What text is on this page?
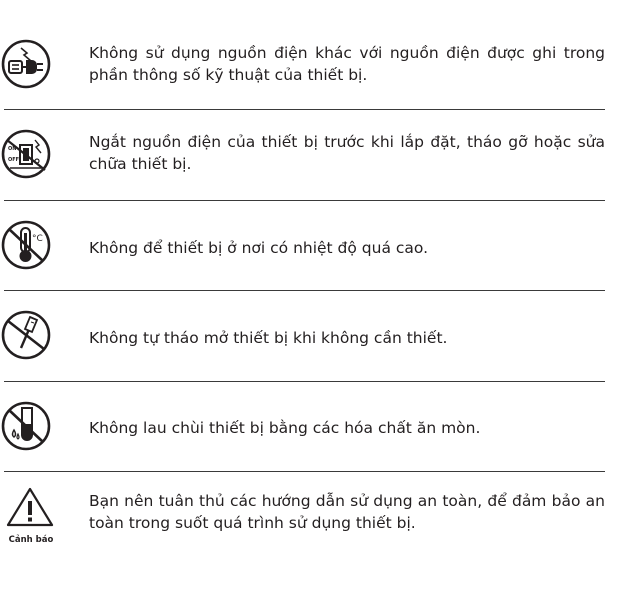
Không sử dụng nguồn điện khác với nguồn điện được ghi trong phần thông số kỹ thuật của thiết bị.
ON
OFF
Ngắt nguồn điện của thiết bị trước khi lắp đặt, tháo gỡ hoặc sửa chữa thiết bị.
°C	Không để thiết bị ở nơi có nhiệt độ quá cao.
Không tự tháo mở thiết bị khi không cần thiết.
Không lau chùi thiết bị bằng các hóa chất ăn mòn.
Cảnh báo
Bạn nên tuân thủ các hướng dẫn sử dụng an toàn, để đảm bảo an toàn trong suốt quá trình sử dụng thiết bị.
